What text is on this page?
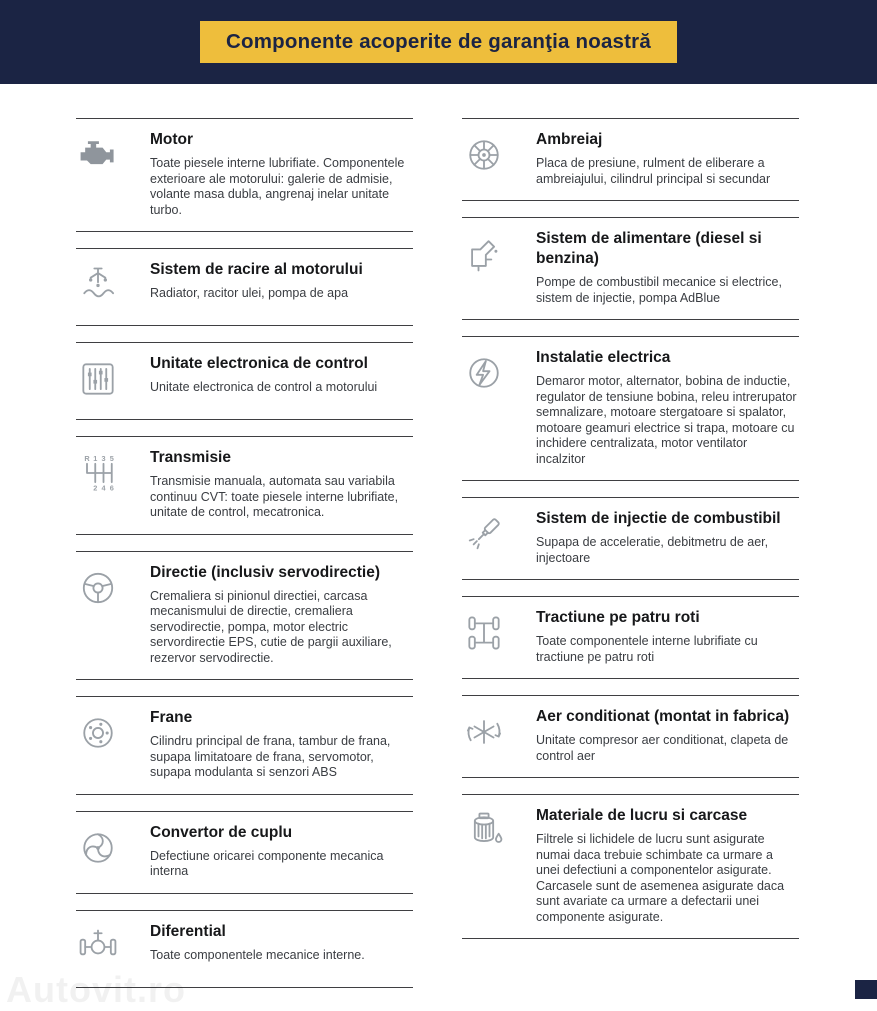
Componente acoperite de garanţia noastră
Motor

Toate piesele interne lubrifiate. Componentele exterioare ale motorului: galerie de admisie, volante masa dubla, angrenaj inelar unitate turbo.

Sistem de racire al motorului

Radiator, racitor ulei, pompa de apa

Unitate electronica de control

Unitate electronica de control a motorului

R 1 3 5
2 4 6
Transmisie

Transmisie manuala, automata sau variabila continuu CVT: toate piesele interne lubrifiate, unitate de control, mecatronica.

Directie (inclusiv servodirectie)

Cremaliera si pinionul directiei, carcasa mecanismului de directie, cremaliera servodirectie, pompa, motor electric servordirectie EPS, cutie de pargii auxiliare, rezervor servodirectie.

Frane

Cilindru principal de frana, tambur de frana, supapa limitatoare de frana, servomotor, supapa modulanta si senzori ABS

Convertor de cuplu

Defectiune oricarei componente mecanica interna

Diferential

Toate componentele mecanice interne.

Ambreiaj

Placa de presiune, rulment de eliberare a ambreiajului, cilindrul principal si secundar

Sistem de alimentare (diesel si benzina)

Pompe de combustibil mecanice si electrice, sistem de injectie, pompa AdBlue

Instalatie electrica

Demaror motor, alternator, bobina de inductie, regulator de tensiune bobina, releu intrerupator semnalizare, motoare stergatoare si spalator, motoare geamuri electrice si trapa, motoare cu inchidere centralizata, motor ventilator incalzitor

Sistem de injectie de combustibil

Supapa de acceleratie, debitmetru de aer, injectoare

Tractiune pe patru roti

Toate componentele interne lubrifiate cu tractiune pe patru roti

Aer conditionat (montat in fabrica)

Unitate compresor aer conditionat, clapeta de control aer

Materiale de lucru si carcase

Filtrele si lichidele de lucru sunt asigurate numai daca trebuie schimbate ca urmare a unei defectiuni a componentelor asigurate. Carcasele sunt de asemenea asigurate daca sunt avariate ca urmare a defectarii unei componente asigurate.

Autovit.ro
